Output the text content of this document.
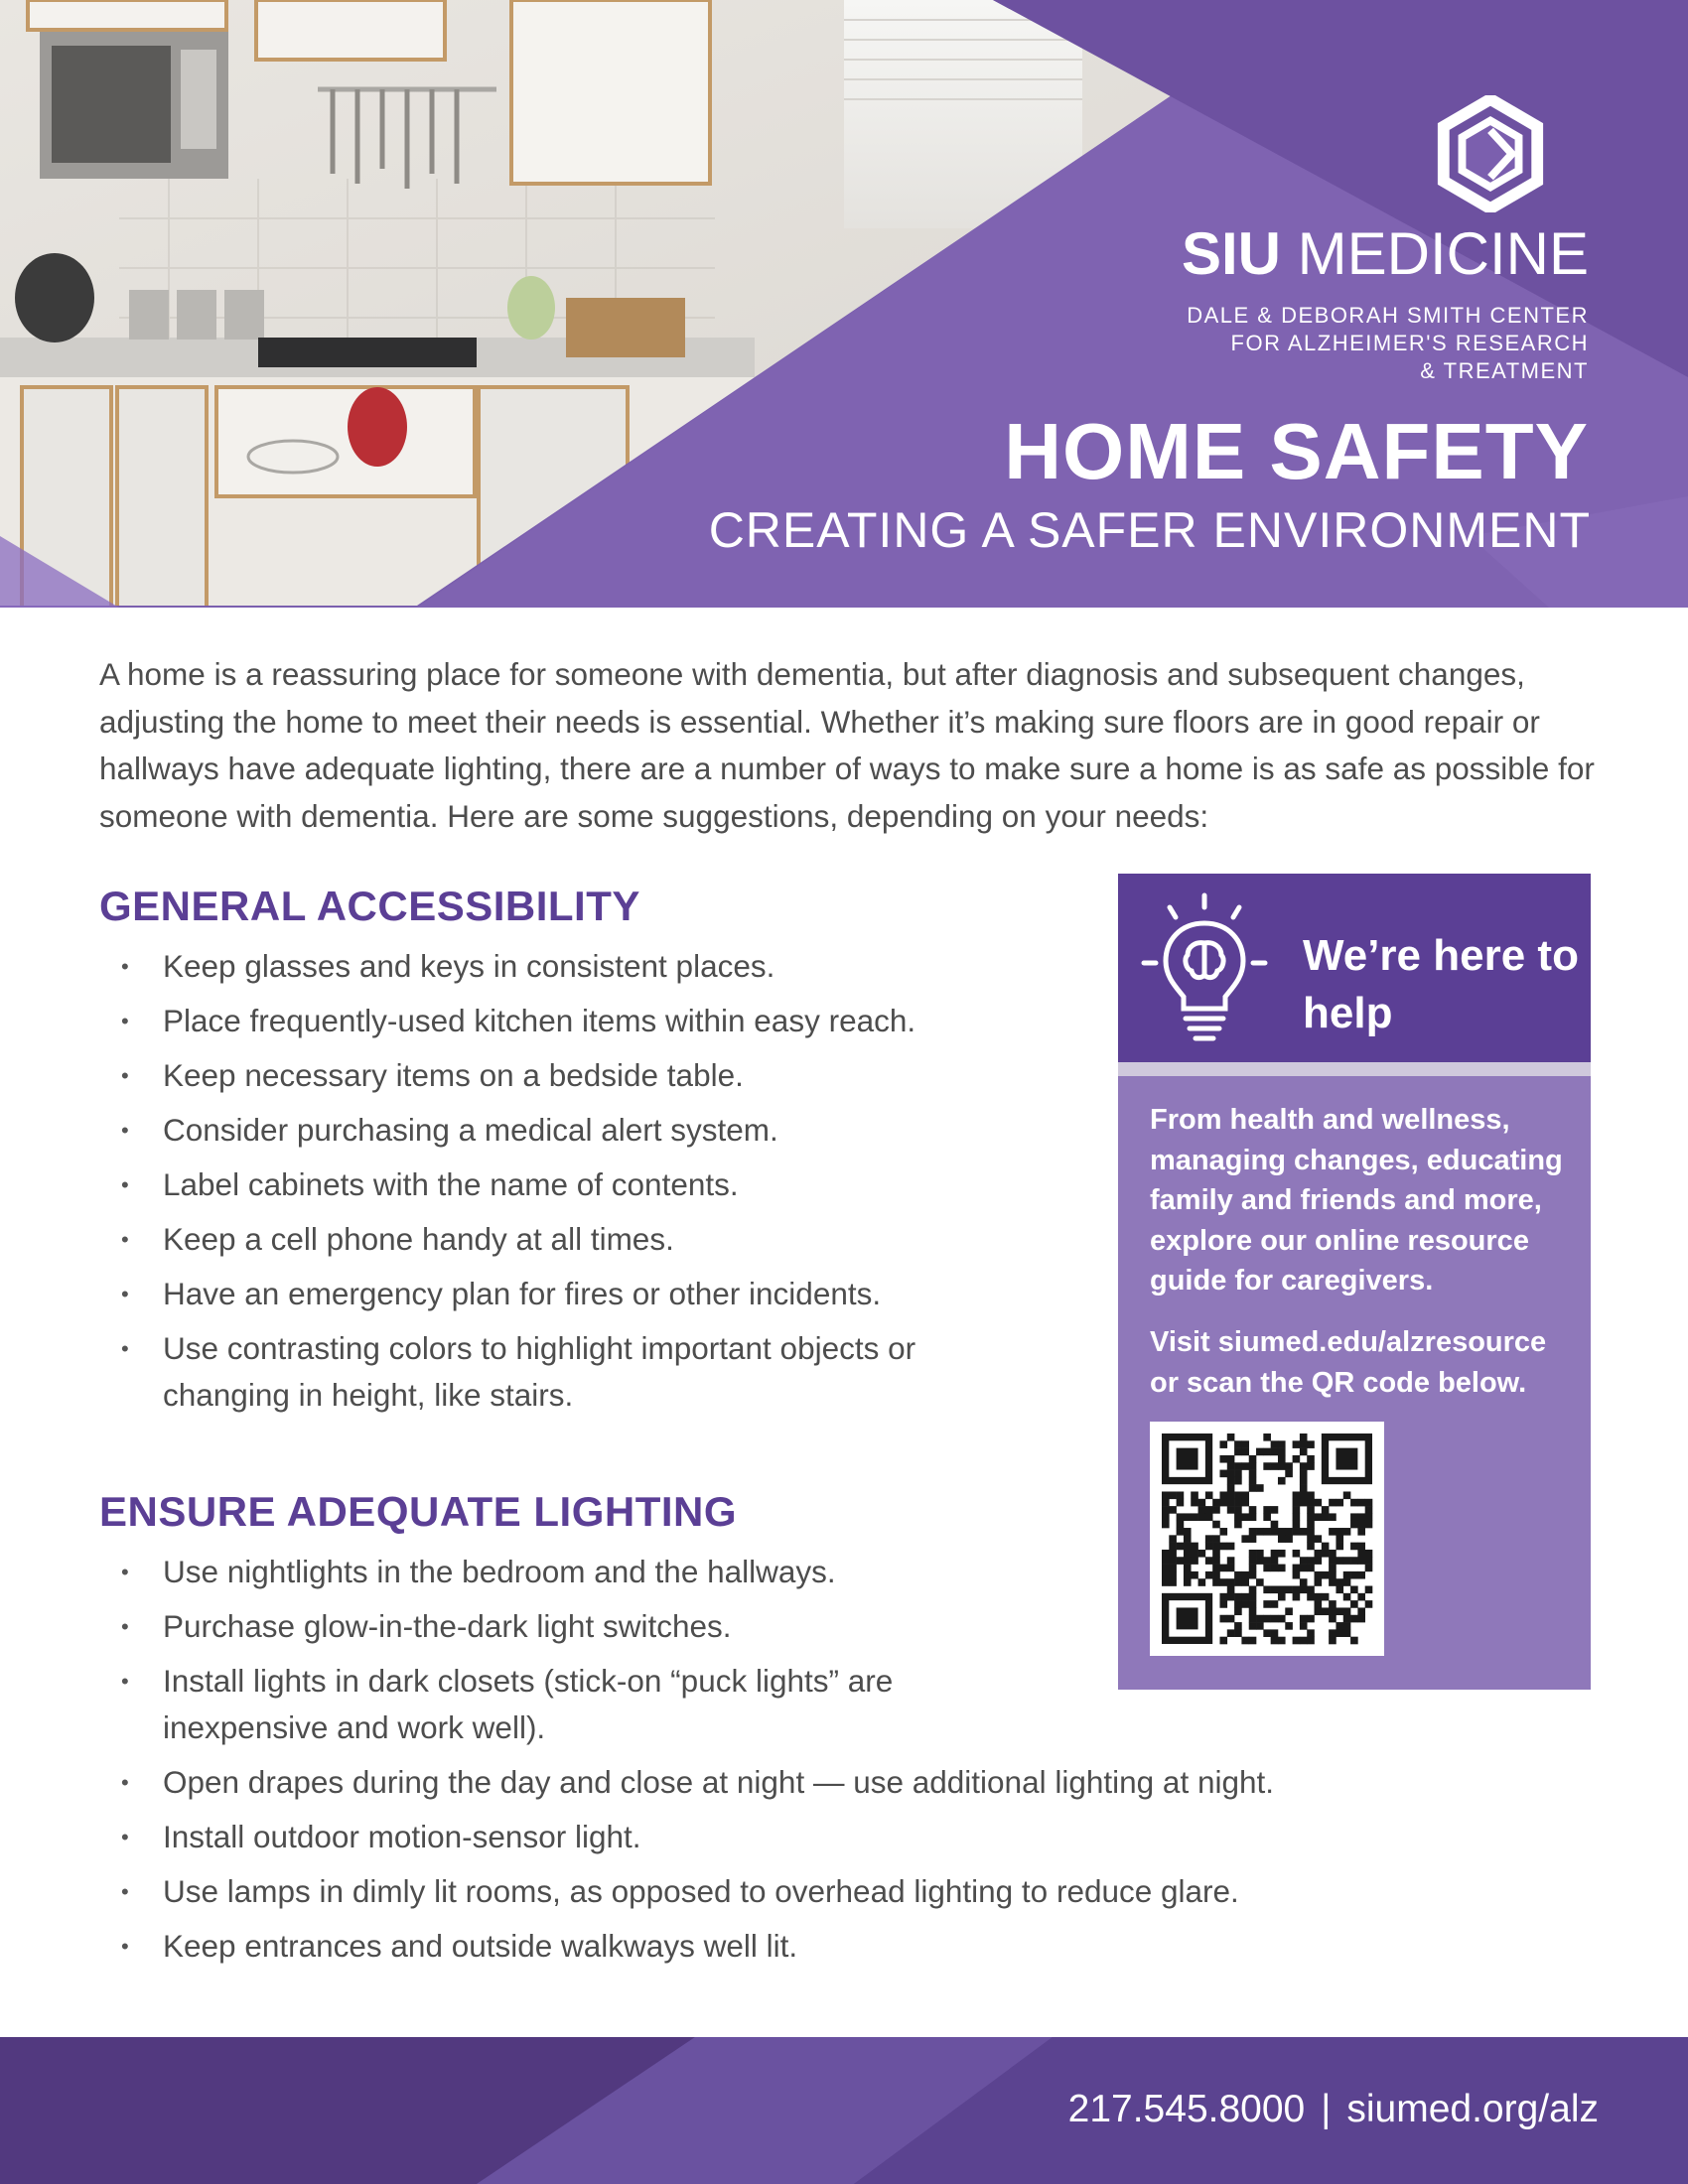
SIU MEDICINE
DALE & DEBORAH SMITH CENTER
FOR ALZHEIMER'S RESEARCH
& TREATMENT
HOME SAFETY
CREATING A SAFER ENVIRONMENT

A home is a reassuring place for someone with dementia, but after diagnosis and subsequent changes, adjusting the home to meet their needs is essential. Whether it’s making sure floors are in good repair or hallways have adequate lighting, there are a number of ways to make sure a home is as safe as possible for someone with dementia. Here are some suggestions, depending on your needs:

GENERAL ACCESSIBILITY
• Keep glasses and keys in consistent places.
• Place frequently-used kitchen items within easy reach.
• Keep necessary items on a bedside table.
• Consider purchasing a medical alert system.
• Label cabinets with the name of contents.
• Keep a cell phone handy at all times.
• Have an emergency plan for fires or other incidents.
• Use contrasting colors to highlight important objects or changing in height, like stairs.
ENSURE ADEQUATE LIGHTING
• Use nightlights in the bedroom and the hallways.
• Purchase glow-in-the-dark light switches.
• Install lights in dark closets (stick-on “puck lights” are inexpensive and work well).
• Open drapes during the day and close at night — use additional lighting at night.
• Install outdoor motion-sensor light.
• Use lamps in dimly lit rooms, as opposed to overhead lighting to reduce glare.
• Keep entrances and outside walkways well lit.
We’re here to help

From health and wellness, managing changes, educating family and friends and more, explore our online resource guide for caregivers.

Visit siumed.edu/alzresource or scan the QR code below.

217.545.8000 | siumed.org/alz
